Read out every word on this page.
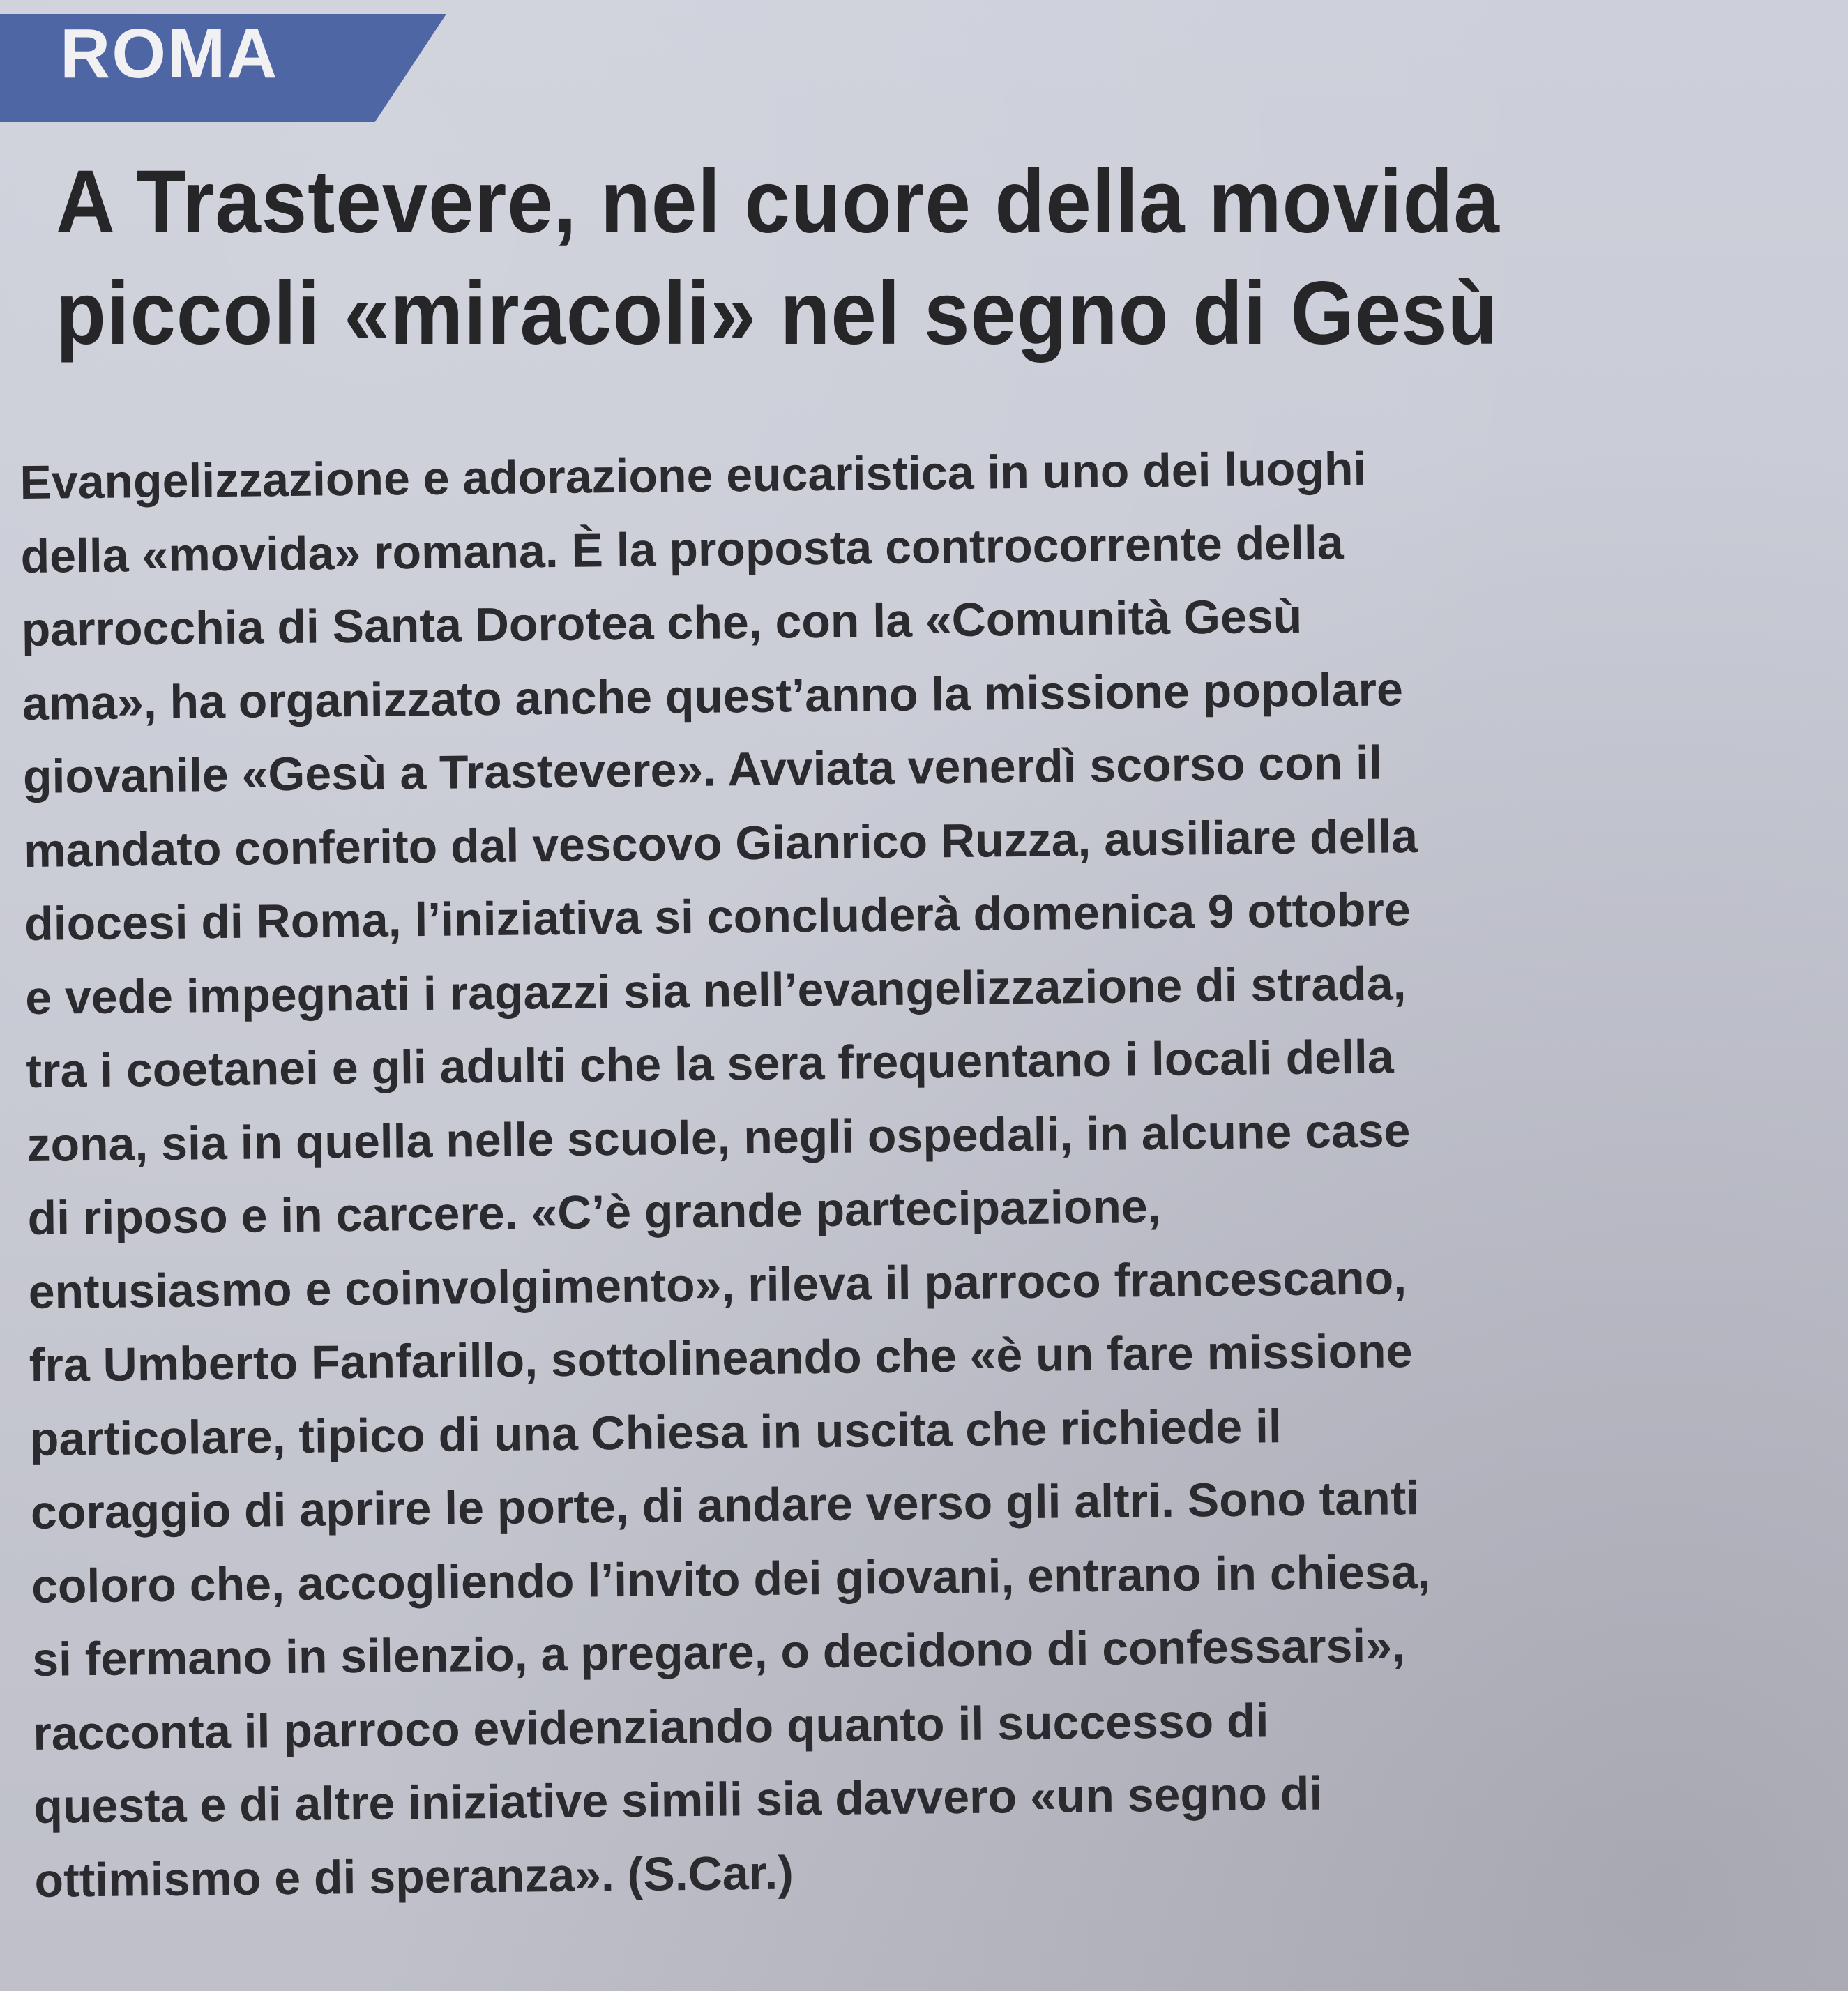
ROMA
A Trastevere, nel cuore della movida
piccoli «miracoli» nel segno di Gesù
Evangelizzazione e adorazione eucaristica in uno dei luoghi
della «movida» romana. È la proposta controcorrente della
parrocchia di Santa Dorotea che, con la «Comunità Gesù
ama», ha organizzato anche quest’anno la missione popolare
giovanile «Gesù a Trastevere». Avviata venerdì scorso con il
mandato conferito dal vescovo Gianrico Ruzza, ausiliare della
diocesi di Roma, l’iniziativa si concluderà domenica 9 ottobre
e vede impegnati i ragazzi sia nell’evangelizzazione di strada,
tra i coetanei e gli adulti che la sera frequentano i locali della
zona, sia in quella nelle scuole, negli ospedali, in alcune case
di riposo e in carcere. «C’è grande partecipazione,
entusiasmo e coinvolgimento», rileva il parroco francescano,
fra Umberto Fanfarillo, sottolineando che «è un fare missione
particolare, tipico di una Chiesa in uscita che richiede il
coraggio di aprire le porte, di andare verso gli altri. Sono tanti
coloro che, accogliendo l’invito dei giovani, entrano in chiesa,
si fermano in silenzio, a pregare, o decidono di confessarsi»,
racconta il parroco evidenziando quanto il successo di
questa e di altre iniziative simili sia davvero «un segno di
ottimismo e di speranza». (S.Car.)
